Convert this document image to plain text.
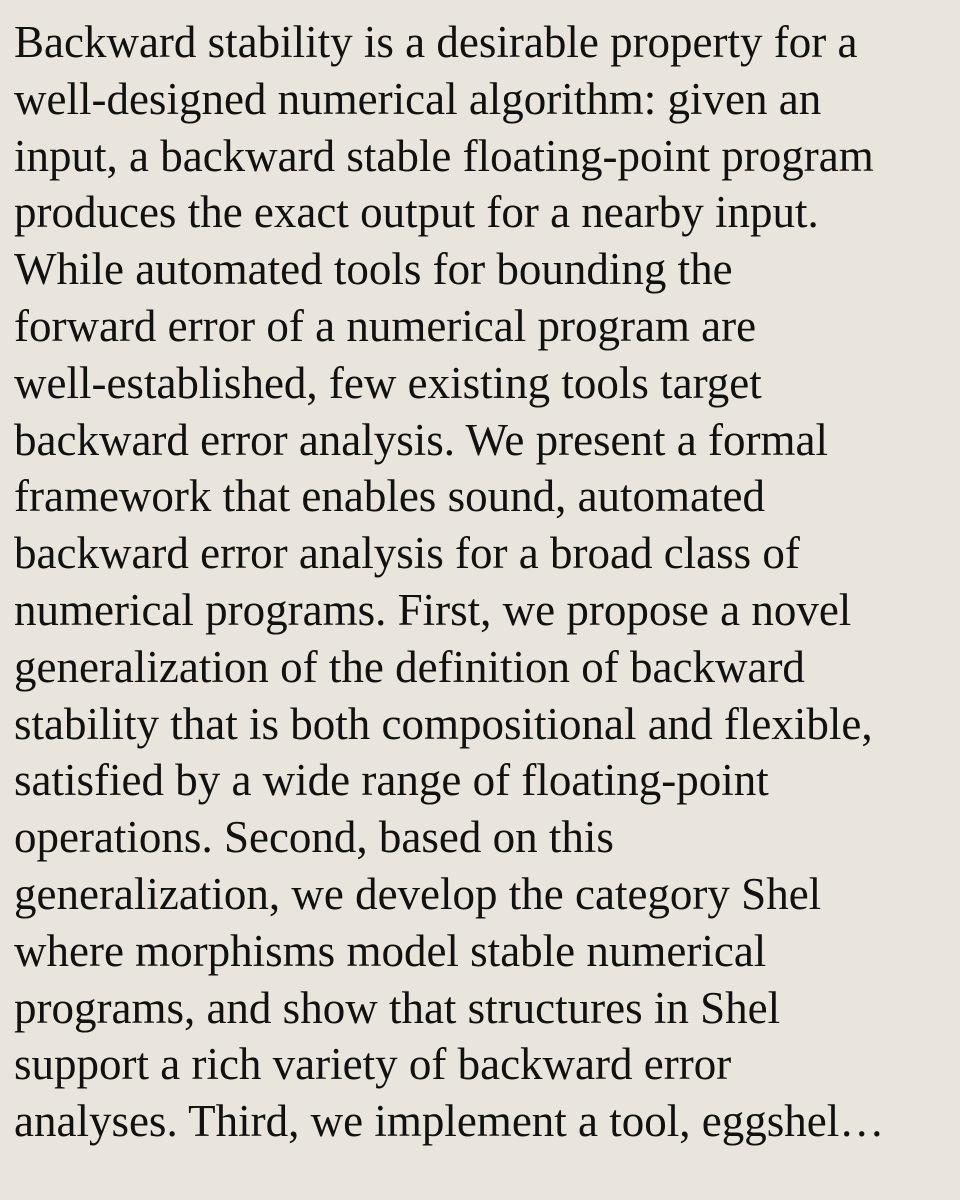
Backward stability is a desirable property for a
well-designed numerical algorithm: given an
input, a backward stable floating-point program
produces the exact output for a nearby input.
While automated tools for bounding the
forward error of a numerical program are
well-established, few existing tools target
backward error analysis. We present a formal
framework that enables sound, automated
backward error analysis for a broad class of
numerical programs. First, we propose a novel
generalization of the definition of backward
stability that is both compositional and flexible,
satisfied by a wide range of floating-point
operations. Second, based on this
generalization, we develop the category Shel
where morphisms model stable numerical
programs, and show that structures in Shel
support a rich variety of backward error
analyses. Third, we implement a tool, eggshel…
